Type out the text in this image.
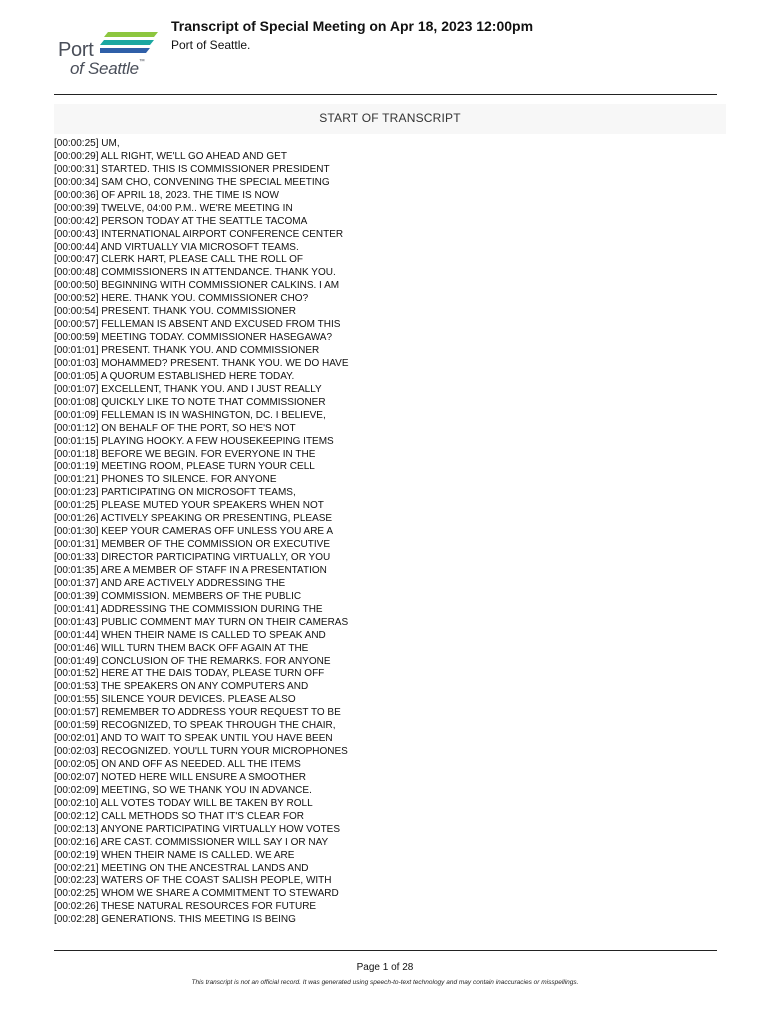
Port
of Seattle™
Transcript of Special Meeting on Apr 18, 2023 12:00pm
Port of Seattle.
START OF TRANSCRIPT
[00:00:25] UM,
[00:00:29] ALL RIGHT, WE'LL GO AHEAD AND GET
[00:00:31] STARTED. THIS IS COMMISSIONER PRESIDENT
[00:00:34] SAM CHO, CONVENING THE SPECIAL MEETING
[00:00:36] OF APRIL 18, 2023. THE TIME IS NOW
[00:00:39] TWELVE, 04:00 P.M.. WE'RE MEETING IN
[00:00:42] PERSON TODAY AT THE SEATTLE TACOMA
[00:00:43] INTERNATIONAL AIRPORT CONFERENCE CENTER
[00:00:44] AND VIRTUALLY VIA MICROSOFT TEAMS.
[00:00:47] CLERK HART, PLEASE CALL THE ROLL OF
[00:00:48] COMMISSIONERS IN ATTENDANCE. THANK YOU.
[00:00:50] BEGINNING WITH COMMISSIONER CALKINS. I AM
[00:00:52] HERE. THANK YOU. COMMISSIONER CHO?
[00:00:54] PRESENT. THANK YOU. COMMISSIONER
[00:00:57] FELLEMAN IS ABSENT AND EXCUSED FROM THIS
[00:00:59] MEETING TODAY. COMMISSIONER HASEGAWA?
[00:01:01] PRESENT. THANK YOU. AND COMMISSIONER
[00:01:03] MOHAMMED? PRESENT. THANK YOU. WE DO HAVE
[00:01:05] A QUORUM ESTABLISHED HERE TODAY.
[00:01:07] EXCELLENT, THANK YOU. AND I JUST REALLY
[00:01:08] QUICKLY LIKE TO NOTE THAT COMMISSIONER
[00:01:09] FELLEMAN IS IN WASHINGTON, DC. I BELIEVE,
[00:01:12] ON BEHALF OF THE PORT, SO HE'S NOT
[00:01:15] PLAYING HOOKY. A FEW HOUSEKEEPING ITEMS
[00:01:18] BEFORE WE BEGIN. FOR EVERYONE IN THE
[00:01:19] MEETING ROOM, PLEASE TURN YOUR CELL
[00:01:21] PHONES TO SILENCE. FOR ANYONE
[00:01:23] PARTICIPATING ON MICROSOFT TEAMS,
[00:01:25] PLEASE MUTED YOUR SPEAKERS WHEN NOT
[00:01:26] ACTIVELY SPEAKING OR PRESENTING, PLEASE
[00:01:30] KEEP YOUR CAMERAS OFF UNLESS YOU ARE A
[00:01:31] MEMBER OF THE COMMISSION OR EXECUTIVE
[00:01:33] DIRECTOR PARTICIPATING VIRTUALLY, OR YOU
[00:01:35] ARE A MEMBER OF STAFF IN A PRESENTATION
[00:01:37] AND ARE ACTIVELY ADDRESSING THE
[00:01:39] COMMISSION. MEMBERS OF THE PUBLIC
[00:01:41] ADDRESSING THE COMMISSION DURING THE
[00:01:43] PUBLIC COMMENT MAY TURN ON THEIR CAMERAS
[00:01:44] WHEN THEIR NAME IS CALLED TO SPEAK AND
[00:01:46] WILL TURN THEM BACK OFF AGAIN AT THE
[00:01:49] CONCLUSION OF THE REMARKS. FOR ANYONE
[00:01:52] HERE AT THE DAIS TODAY, PLEASE TURN OFF
[00:01:53] THE SPEAKERS ON ANY COMPUTERS AND
[00:01:55] SILENCE YOUR DEVICES. PLEASE ALSO
[00:01:57] REMEMBER TO ADDRESS YOUR REQUEST TO BE
[00:01:59] RECOGNIZED, TO SPEAK THROUGH THE CHAIR,
[00:02:01] AND TO WAIT TO SPEAK UNTIL YOU HAVE BEEN
[00:02:03] RECOGNIZED. YOU'LL TURN YOUR MICROPHONES
[00:02:05] ON AND OFF AS NEEDED. ALL THE ITEMS
[00:02:07] NOTED HERE WILL ENSURE A SMOOTHER
[00:02:09] MEETING, SO WE THANK YOU IN ADVANCE.
[00:02:10] ALL VOTES TODAY WILL BE TAKEN BY ROLL
[00:02:12] CALL METHODS SO THAT IT'S CLEAR FOR
[00:02:13] ANYONE PARTICIPATING VIRTUALLY HOW VOTES
[00:02:16] ARE CAST. COMMISSIONER WILL SAY I OR NAY
[00:02:19] WHEN THEIR NAME IS CALLED. WE ARE
[00:02:21] MEETING ON THE ANCESTRAL LANDS AND
[00:02:23] WATERS OF THE COAST SALISH PEOPLE, WITH
[00:02:25] WHOM WE SHARE A COMMITMENT TO STEWARD
[00:02:26] THESE NATURAL RESOURCES FOR FUTURE
[00:02:28] GENERATIONS. THIS MEETING IS BEING
Page 1 of 28
This transcript is not an official record. It was generated using speech-to-text technology and may contain inaccuracies or misspellings.
